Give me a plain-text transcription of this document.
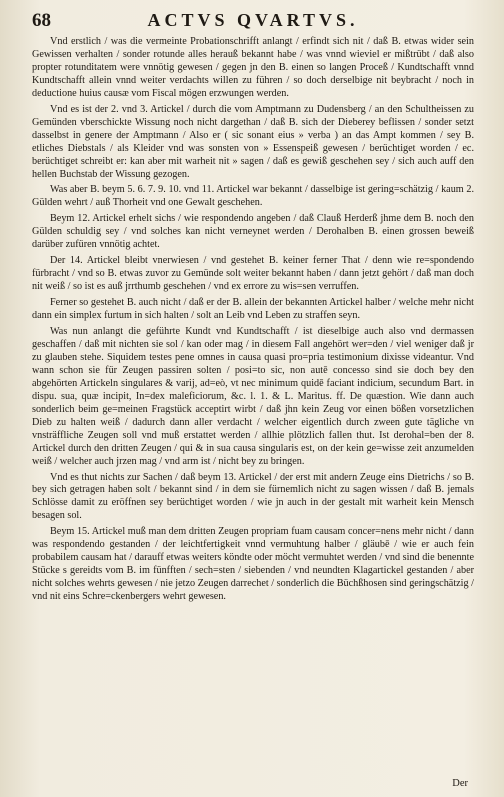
68	ACTVS QVARTVS.

Vnd erstlich / was die vermeinte Probationschrifft anlangt / erfindt sich nit / daß B. etwas wider sein Gewissen verhalten / sonder rotunde alles herauß bekannt habe / was vnnd wieviel er mißtrübt / daß also propter rotunditatem were vnnötig gewesen / gegen jn den B. einen so langen Proceß / Kundtschafft vnnd Kundtschafft allein vnnd weiter verdachts willen zu führen / so doch derselbige nit beybracht / noch in deductione huius causæ vom Fiscal mögen erzwungen werden.

Vnd es ist der 2. vnd 3. Artickel / durch die vom Amptmann zu Dudensberg / an den Schultheissen zu Gemünden vberschickte Wissung noch nicht dargethan / daß B. sich der Dieberey beflissen / sonder setzt dasselbst in genere der Amptmann / Also er ( sic sonant eius » verba ) an das Ampt kommen / sey B. etliches Diebstals / als Kleider vnd was sonsten von » Essenspeiß gewesen / berüchtiget worden / ec. berüchtiget schreibt er: kan aber mit warheit nit » sagen / daß es gewiß geschehen sey / sich auch auff den hellen Buchstab der Wissung gezogen.

Was aber B. beym 5. 6. 7. 9. 10. vnd 11. Artickel war bekannt / dasselbige ist gering=schätzig / kaum 2. Gülden wehrt / auß Thorheit vnd one Gewalt geschehen.

Beym 12. Artickel erhelt sichs / wie respondendo angeben / daß Clauß Herderß jhme dem B. noch den Gülden schuldig sey / vnd solches kan nicht verneynet werden / Derohalben B. einen grossen beweiß darüber zufüren vnnötig achtet.

Der 14. Artickel bleibt vnerwiesen / vnd gestehet B. keiner ferner That / denn wie re=spondendo fürbracht / vnd so B. etwas zuvor zu Gemünde solt weiter bekannt haben / dann jetzt gehört / daß man doch nit weiß / so ist es auß jrrthumb geschehen / vnd ex errore zu wis=sen verruffen.

Ferner so gestehet B. auch nicht / daß er der B. allein der bekannten Artickel halber / welche mehr nicht dann ein simplex furtum in sich halten / solt an Leib vnd Leben zu straffen seyn.

Was nun anlangt die geführte Kundt vnd Kundtschafft / ist dieselbige auch also vnd dermassen geschaffen / daß mit nichten sie sol / kan oder mag / in diesem Fall angehört wer=den / viel weniger daß jr zu glauben stehe. Siquidem testes pene omnes in causa quasi pro=pria testimonium dixisse videantur. Vnd wann schon sie für Zeugen passiren solten / posi=to sic, non autē concesso sind sie doch bey den abgehörten Artickeln singulares & varij, ad=eò, vt nec minimum quidē faciant indicium, secundum Bart. in dispu. sua, quæ incipit, In=dex maleficiorum, &c. l. 1. & L. Maritus. ff. De quæstion. Wie dann auch sonderlich beim ge=meinen Fragstück acceptirt wirbt / daß jhn kein Zeug vor einen bößen vorsetzlichen Dieb zu halten weiß / dadurch dann aller verdacht / welcher eigentlich durch zween gute tägliche vn vnsträffliche Zeugen soll vnd muß erstattet werden / allhie plötzlich fallen thut. Ist derohal=ben der 8. Artickel durch den dritten Zeugen / qui & in sua causa singularis est, on der kein ge=wisse zeit anzumelden weiß / welcher auch jrzen mag / vnd arm ist / nicht bey zu bringen.

Vnd es thut nichts zur Sachen / daß beym 13. Artickel / der erst mit andern Zeuge eins Dietrichs / so B. bey sich getragen haben solt / bekannt sind / in dem sie fürnemlich nicht zu sagen wissen / daß B. jemals Schlösse damit zu eröffnen sey berüchtiget worden / wie jn auch in der gestalt mit warheit kein Mensch besagen sol.

Beym 15. Artickel muß man dem dritten Zeugen propriam fuam causam concer=nens mehr nicht / dann was respondendo gestanden / der leichtfertigkeit vnnd vermuhtung halber / gläubē / wie er auch fein probabilem causam hat / darauff etwas weiters köndte oder möcht vermuhtet werden / vnd sind die benennte Stücke s gereidts vom B. im fünfften / sech=sten / siebenden / vnd neundten Klagartickel gestanden / aber nicht solches wehrts gewesen / nie jetzo Zeugen darrechet / sonderlich die Büchßhosen sind geringschätzig / vnd nit eins Schre=ckenbergers wehrt gewesen.

Der
